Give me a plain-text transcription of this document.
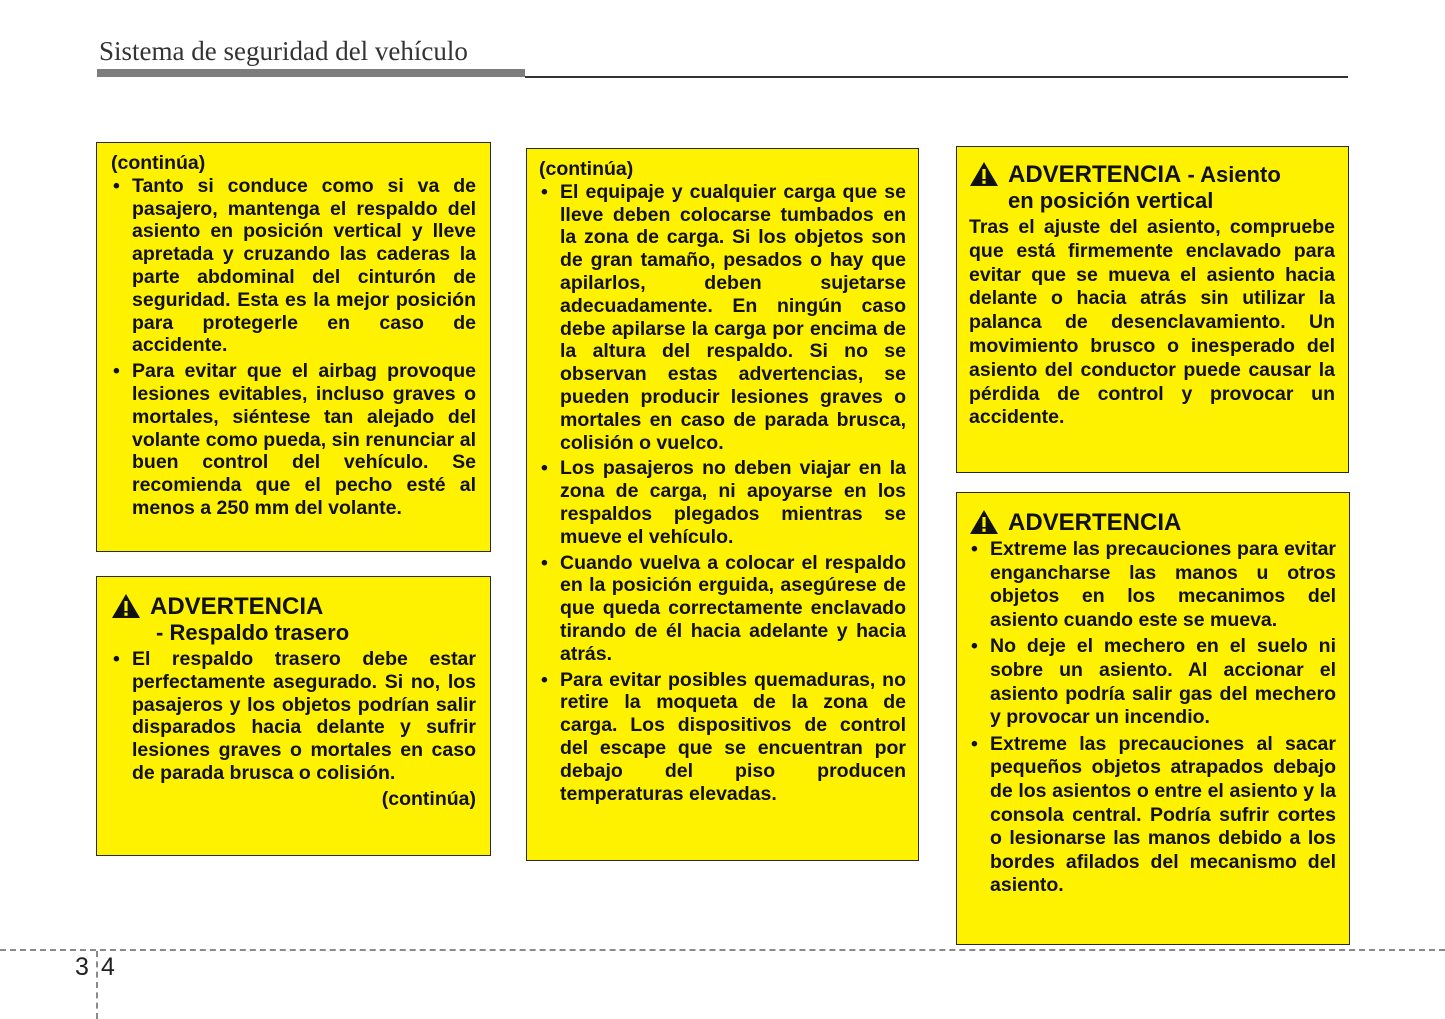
Sistema de seguridad del vehículo
(continúa)
• Tanto si conduce como si va de pasajero, mantenga el respaldo del asiento en posición vertical y lleve apretada y cruzando las caderas la parte abdominal del cinturón de seguridad. Esta es la mejor posición para protegerle en caso de accidente.
• Para evitar que el airbag provoque lesiones evitables, incluso graves o mortales, siéntese tan alejado del volante como pueda, sin renunciar al buen control del vehículo. Se recomienda que el pecho esté al menos a 250 mm del volante.
ADVERTENCIA
- Respaldo trasero
• El respaldo trasero debe estar perfectamente asegurado. Si no, los pasajeros y los objetos podrían salir disparados hacia delante y sufrir lesiones graves o mortales en caso de parada brusca o colisión.
(continúa)
(continúa)
• El equipaje y cualquier carga que se lleve deben colocarse tumbados en la zona de carga. Si los objetos son de gran tamaño, pesados o hay que apilarlos, deben sujetarse adecuadamente. En ningún caso debe apilarse la carga por encima de la altura del respaldo. Si no se observan estas advertencias, se pueden producir lesiones graves o mortales en caso de parada brusca, colisión o vuelco.
• Los pasajeros no deben viajar en la zona de carga, ni apoyarse en los respaldos plegados mientras se mueve el vehículo.
• Cuando vuelva a colocar el respaldo en la posición erguida, asegúrese de que queda correctamente enclavado tirando de él hacia adelante y hacia atrás.
• Para evitar posibles quemaduras, no retire la moqueta de la zona de carga. Los dispositivos de control del escape que se encuentran por debajo del piso producen temperaturas elevadas.
ADVERTENCIA - Asiento
en posición vertical

Tras el ajuste del asiento, compruebe que está firmemente enclavado para evitar que se mueva el asiento hacia delante o hacia atrás sin utilizar la palanca de desenclavamiento. Un movimiento brusco o inesperado del asiento del conductor puede causar la pérdida de control y provocar un accidente.

ADVERTENCIA
• Extreme las precauciones para evitar engancharse las manos u otros objetos en los mecanimos del asiento cuando este se mueva.
• No deje el mechero en el suelo ni sobre un asiento. Al accionar el asiento podría salir gas del mechero y provocar un incendio.
• Extreme las precauciones al sacar pequeños objetos atrapados debajo de los asientos o entre el asiento y la consola central. Podría sufrir cortes o lesionarse las manos debido a los bordes afilados del mecanismo del asiento.
3 4
